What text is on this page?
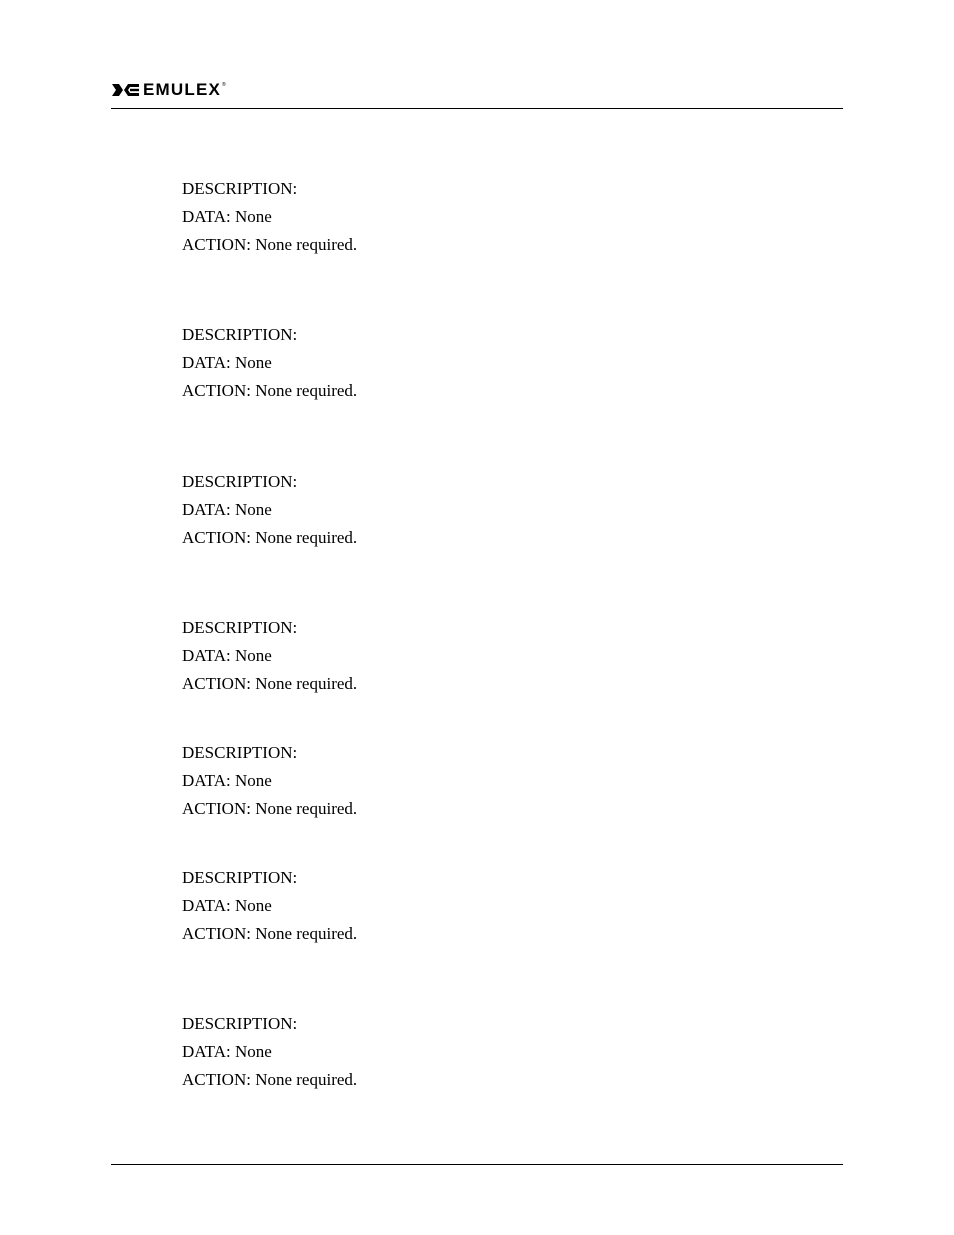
EMULEX ®
DESCRIPTION:
DATA: None
ACTION: None required.
DESCRIPTION:
DATA: None
ACTION: None required.
DESCRIPTION:
DATA: None
ACTION: None required.
DESCRIPTION:
DATA: None
ACTION: None required.
DESCRIPTION:
DATA: None
ACTION: None required.
DESCRIPTION:
DATA: None
ACTION: None required.
DESCRIPTION:
DATA: None
ACTION: None required.
